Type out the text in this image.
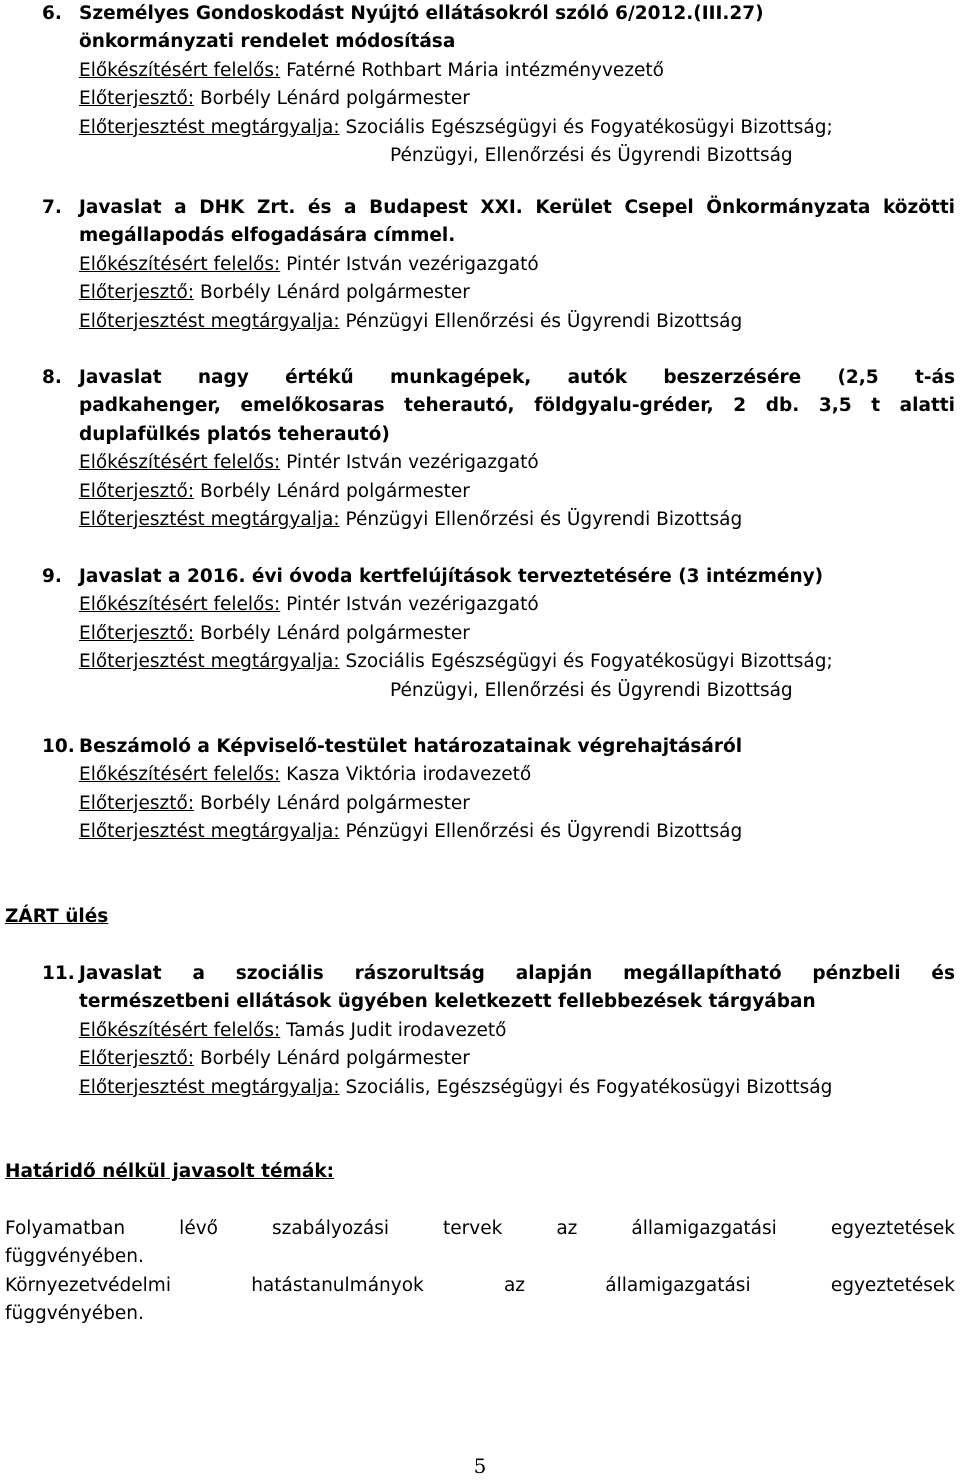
6. Személyes Gondoskodást Nyújtó ellátásokról szóló 6/2012.(III.27)
önkormányzati rendelet módosítása
Előkészítésért felelős: Fatérné Rothbart Mária intézményvezető
Előterjesztő: Borbély Lénárd polgármester
Előterjesztést megtárgyalja: Szociális Egészségügyi és Fogyatékosügyi Bizottság;
Pénzügyi, Ellenőrzési és Ügyrendi Bizottság
7. Javaslat a DHK Zrt. és a Budapest XXI. Kerület Csepel Önkormányzata közötti
megállapodás elfogadására címmel.
Előkészítésért felelős: Pintér István vezérigazgató
Előterjesztő: Borbély Lénárd polgármester
Előterjesztést megtárgyalja: Pénzügyi Ellenőrzési és Ügyrendi Bizottság
8. Javaslat nagy értékű munkagépek, autók beszerzésére (2,5 t-ás
padkahenger, emelőkosaras teherautó, földgyalu-gréder, 2 db. 3,5 t alatti
duplafülkés platós teherautó)
Előkészítésért felelős: Pintér István vezérigazgató
Előterjesztő: Borbély Lénárd polgármester
Előterjesztést megtárgyalja: Pénzügyi Ellenőrzési és Ügyrendi Bizottság
9. Javaslat a 2016. évi óvoda kertfelújítások terveztetésére (3 intézmény)
Előkészítésért felelős: Pintér István vezérigazgató
Előterjesztő: Borbély Lénárd polgármester
Előterjesztést megtárgyalja: Szociális Egészségügyi és Fogyatékosügyi Bizottság;
Pénzügyi, Ellenőrzési és Ügyrendi Bizottság
10. Beszámoló a Képviselő-testület határozatainak végrehajtásáról
Előkészítésért felelős: Kasza Viktória irodavezető
Előterjesztő: Borbély Lénárd polgármester
Előterjesztést megtárgyalja: Pénzügyi Ellenőrzési és Ügyrendi Bizottság
ZÁRT ülés
11. Javaslat a szociális rászorultság alapján megállapítható pénzbeli és
természetbeni ellátások ügyében keletkezett fellebbezések tárgyában
Előkészítésért felelős: Tamás Judit irodavezető
Előterjesztő: Borbély Lénárd polgármester
Előterjesztést megtárgyalja: Szociális, Egészségügyi és Fogyatékosügyi Bizottság
Határidő nélkül javasolt témák:
Folyamatban lévő szabályozási tervek az államigazgatási egyeztetések
függvényében.
Környezetvédelmi hatástanulmányok az államigazgatási egyeztetések
függvényében.
5
